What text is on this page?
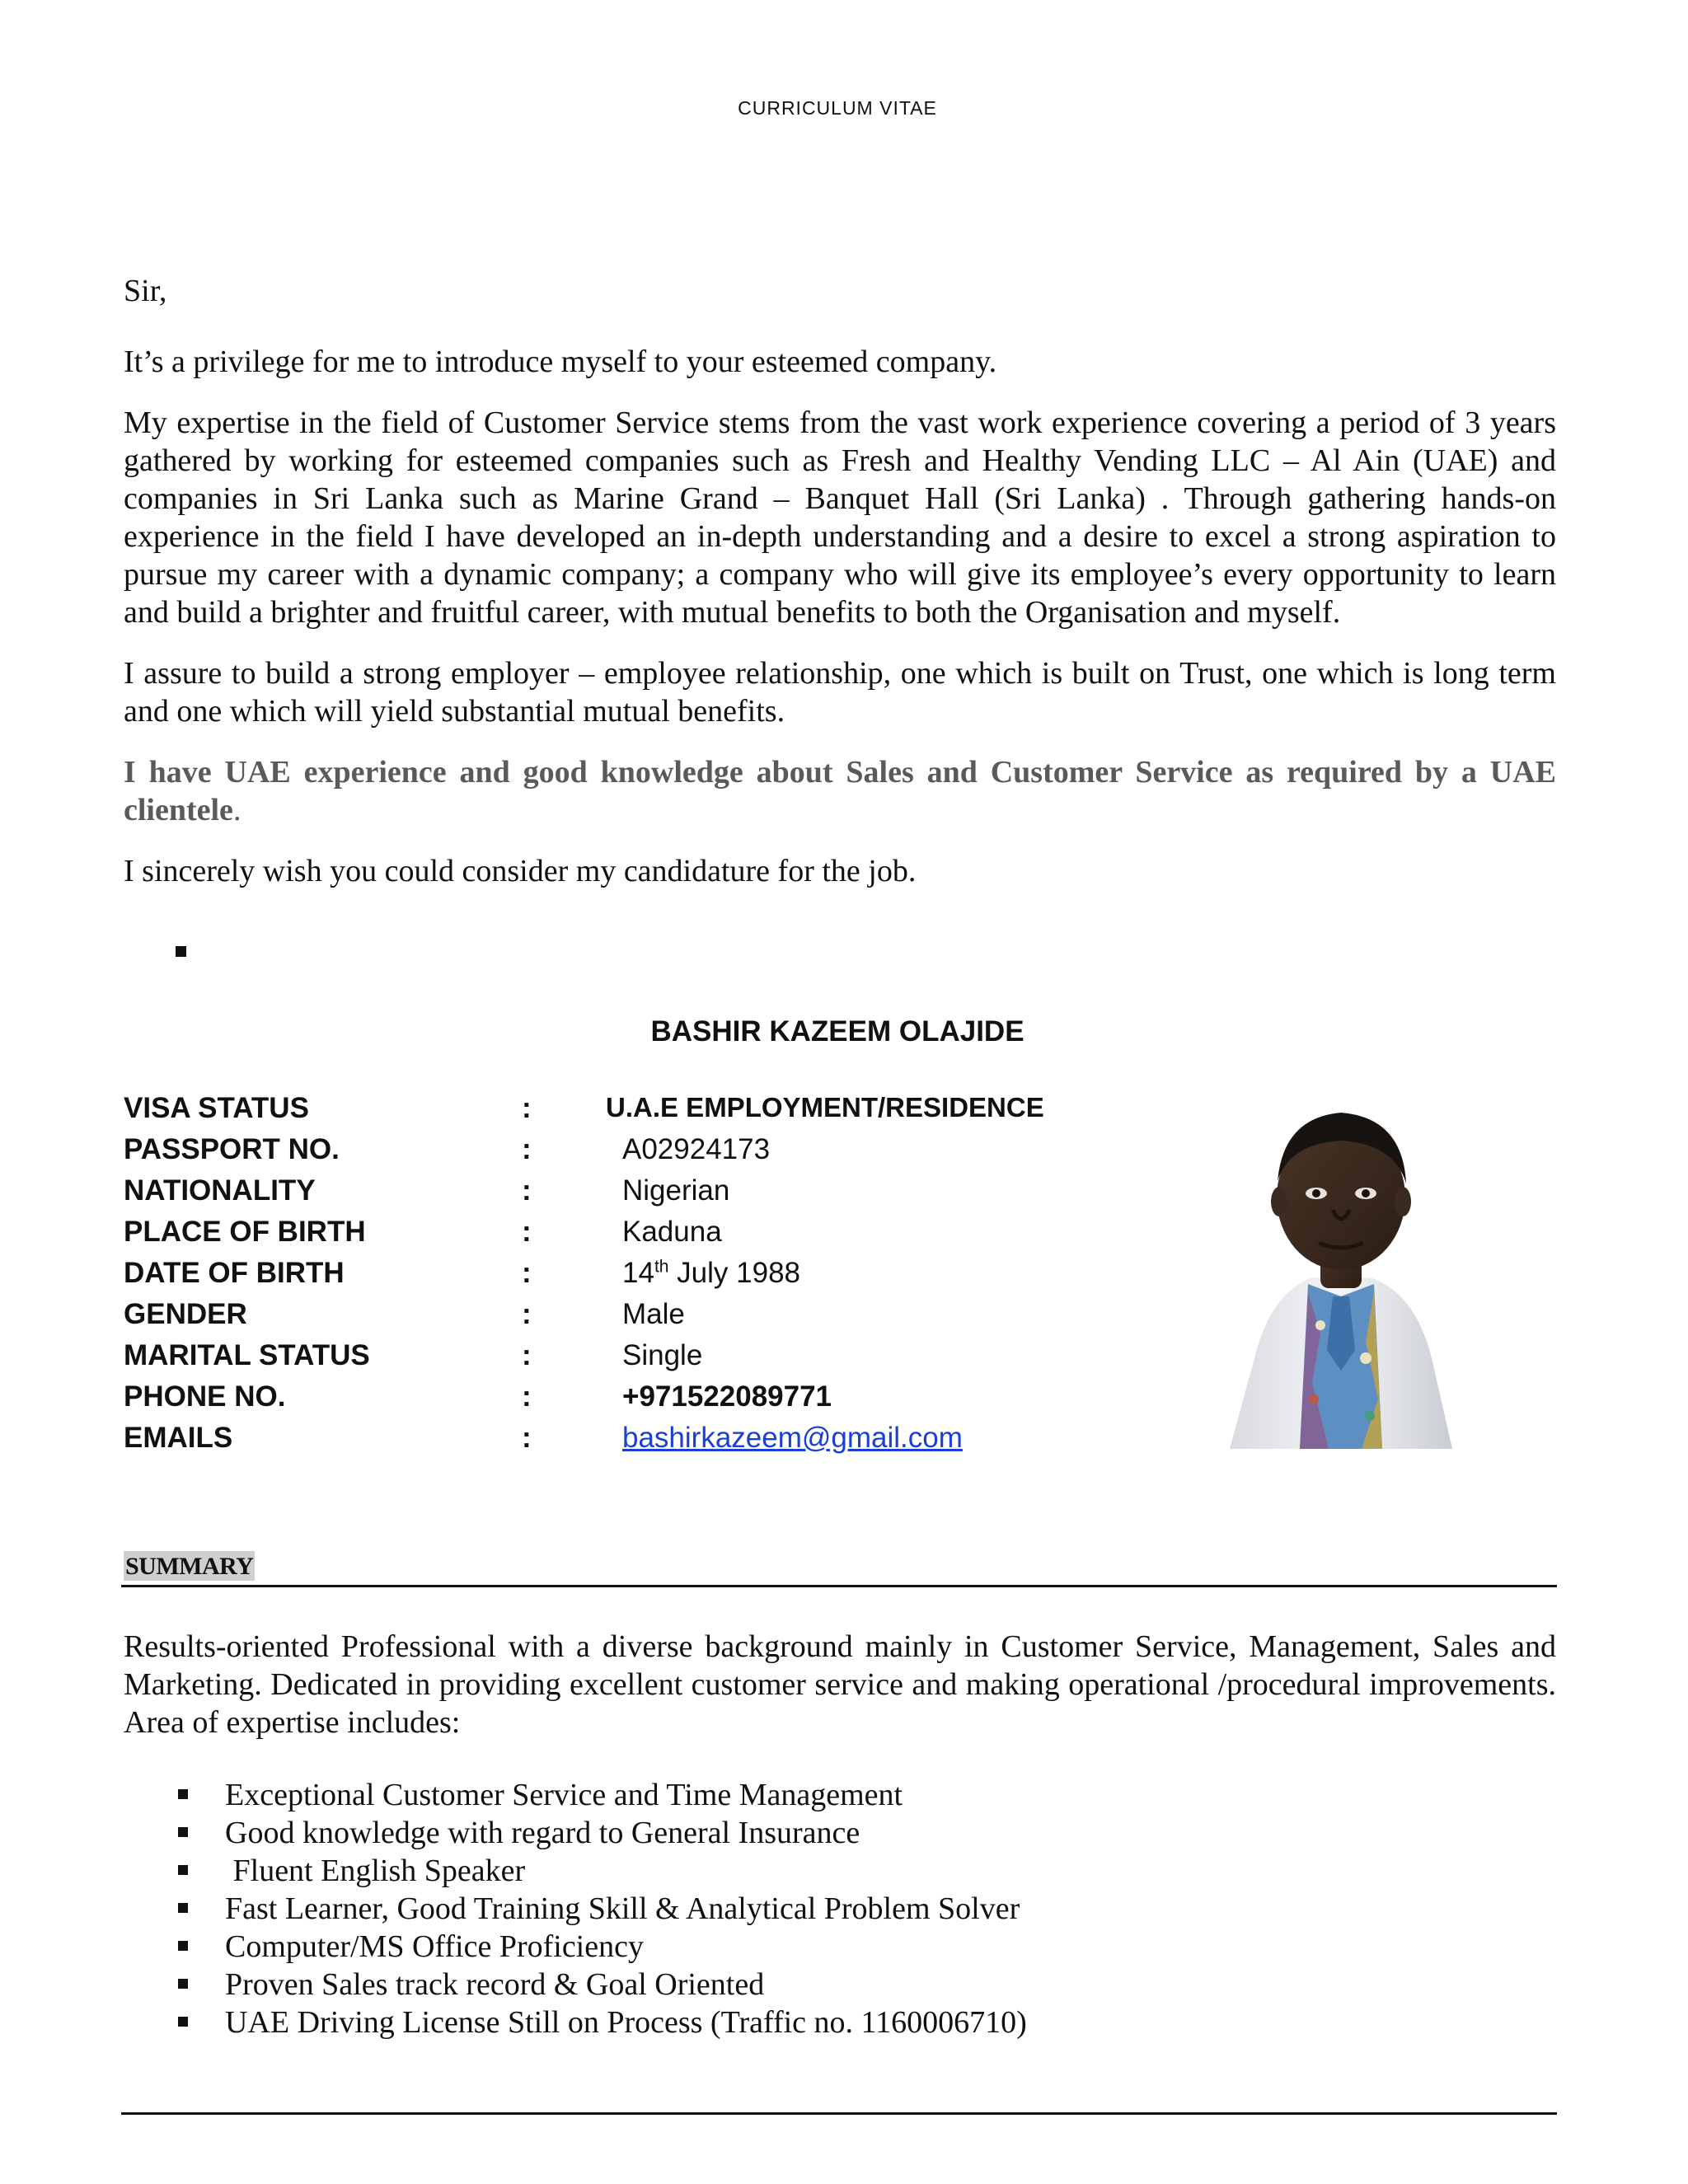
CURRICULUM VITAE

Sir,

It’s a privilege for me to introduce myself to your esteemed company.

My expertise in the field of Customer Service stems from the vast work experience covering a period of 3 years gathered by working for esteemed companies such as Fresh and Healthy Vending LLC – Al Ain (UAE) and companies in Sri Lanka such as Marine Grand – Banquet Hall (Sri Lanka) . Through gathering hands-on experience in the field I have developed an in-depth understanding and a desire to excel a strong aspiration to pursue my career with a dynamic company; a company who will give its employee’s every opportunity to learn and build a brighter and fruitful career, with mutual benefits to both the Organisation and myself.

I assure to build a strong employer – employee relationship, one which is built on Trust, one which is long term and one which will yield substantial mutual benefits.

I have UAE experience and good knowledge about Sales and Customer Service as required by a UAE clientele.

I sincerely wish you could consider my candidature for the job.

BASHIR KAZEEM OLAJIDE
VISA STATUS	:	U.A.E EMPLOYMENT/RESIDENCE
PASSPORT NO.	:	A02924173
NATIONALITY	:	Nigerian
PLACE OF BIRTH	:	Kaduna
DATE OF BIRTH	:	14th July 1988
GENDER	:	Male
MARITAL STATUS	:	Single
PHONE NO.	:	+971522089771
EMAILS	:	bashirkazeem@gmail.com
SUMMARY

Results-oriented Professional with a diverse background mainly in Customer Service, Management, Sales and Marketing. Dedicated in providing excellent customer service and making operational /procedural improvements. Area of expertise includes:

Exceptional Customer Service and Time Management
Good knowledge with regard to General Insurance
Fluent English Speaker
Fast Learner, Good Training Skill & Analytical Problem Solver
Computer/MS Office Proficiency
Proven Sales track record & Goal Oriented
UAE Driving License Still on Process (Traffic no. 1160006710)
